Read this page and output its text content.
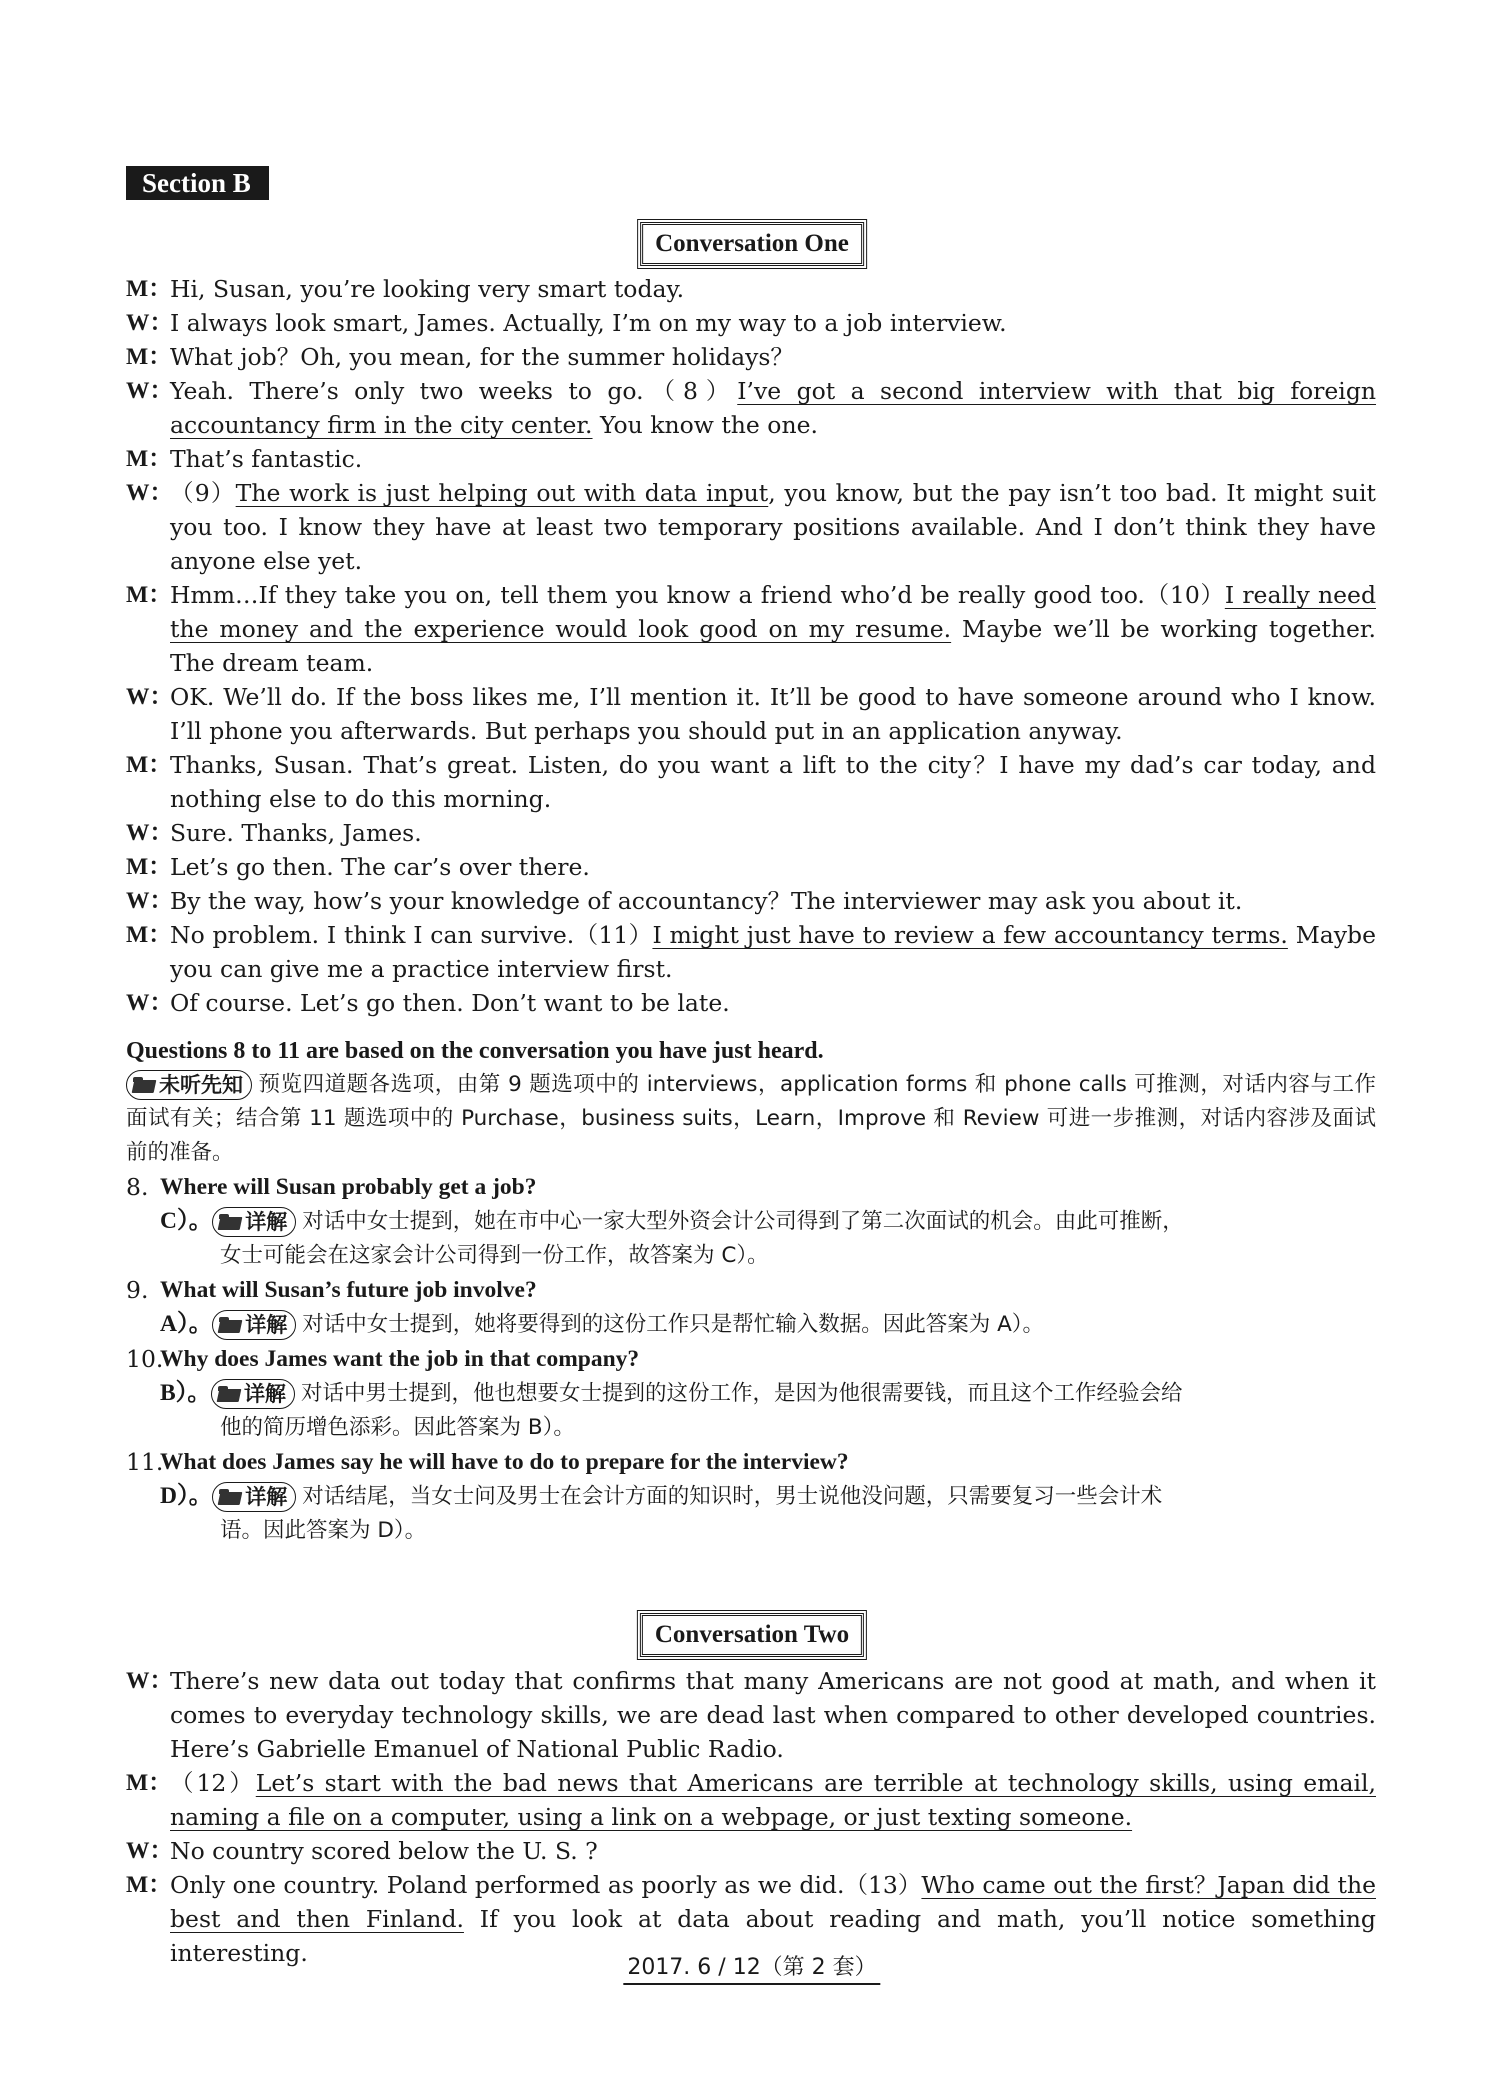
Section B
Conversation One
M：
Hi, Susan, you’re looking very smart today.
W：
I always look smart, James. Actually, I’m on my way to a job interview.
M：
What job？Oh, you mean, for the summer holidays？
W：
Yeah. There’s only two weeks to go.（8）I’ve got a second interview with that big foreign accountancy firm in the city center. You know the one.
M：
That’s fantastic.
W：
（9）The work is just helping out with data input, you know, but the pay isn’t too bad. It might suit you too. I know they have at least two temporary positions available. And I don’t think they have anyone else yet.
M：
Hmm…If they take you on, tell them you know a friend who’d be really good too.（10）I really need the money and the experience would look good on my resume. Maybe we’ll be working together. The dream team.
W：
OK. We’ll do. If the boss likes me, I’ll mention it. It’ll be good to have someone around who I know. I’ll phone you afterwards. But perhaps you should put in an application anyway.
M：
Thanks, Susan. That’s great. Listen, do you want a lift to the city？I have my dad’s car today, and nothing else to do this morning.
W：
Sure. Thanks, James.
M：
Let’s go then. The car’s over there.
W：
By the way, how’s your knowledge of accountancy？The interviewer may ask you about it.
M：
No problem. I think I can survive.（11）I might just have to review a few accountancy terms. Maybe you can give me a practice interview first.
W：
Of course. Let’s go then. Don’t want to be late.
Questions 8 to 11 are based on the conversation you have just heard.
未听先知 预览四道题各选项，由第 9 题选项中的 interviews，application forms 和 phone calls 可推测，对话内容与工作面试有关；结合第 11 题选项中的 Purchase，business suits，Learn，Improve 和 Review 可进一步推测，对话内容涉及面试前的准备。
8. Where will Susan probably get a job?
C）。 详解 对话中女士提到，她在市中心一家大型外资会计公司得到了第二次面试的机会。由此可推断，
女士可能会在这家会计公司得到一份工作，故答案为 C）。
9. What will Susan’s future job involve?
A）。 详解 对话中女士提到，她将要得到的这份工作只是帮忙输入数据。因此答案为 A）。
10.
Why does James want the job in that company?
B）。 详解 对话中男士提到，他也想要女士提到的这份工作，是因为他很需要钱，而且这个工作经验会给
他的简历增色添彩。因此答案为 B）。
11.
What does James say he will have to do to prepare for the interview?
D）。 详解 对话结尾，当女士问及男士在会计方面的知识时，男士说他没问题，只需要复习一些会计术
语。因此答案为 D）。
Conversation Two
W：
There’s new data out today that confirms that many Americans are not good at math, and when it comes to everyday technology skills, we are dead last when compared to other developed countries. Here’s Gabrielle Emanuel of National Public Radio.
M：
（12）Let’s start with the bad news that Americans are terrible at technology skills, using email, naming a file on a computer, using a link on a webpage, or just texting someone.
W：
No country scored below the U. S. ?
M：
Only one country. Poland performed as poorly as we did.（13）Who came out the first？Japan did the best and then Finland. If you look at data about reading and math, you’ll notice something interesting.
2017. 6 / 12（第 2 套）
